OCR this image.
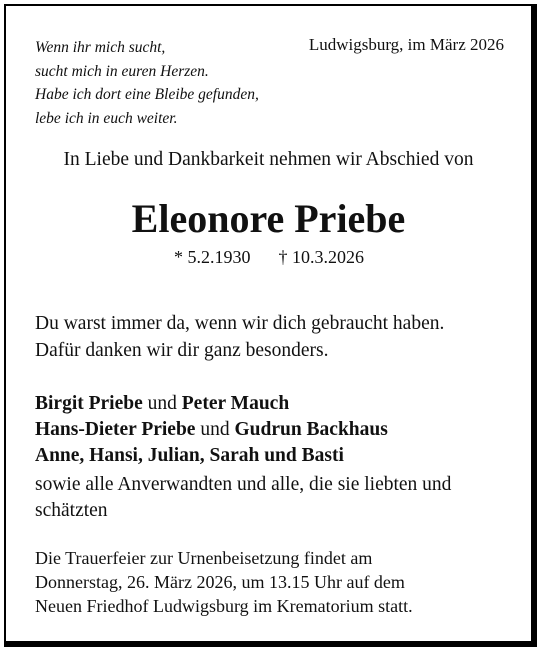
Wenn ihr mich sucht,
sucht mich in euren Herzen.
Habe ich dort eine Bleibe gefunden,
lebe ich in euch weiter.
Ludwigsburg, im März 2026
In Liebe und Dankbarkeit nehmen wir Abschied von
Eleonore Priebe
* 5.2.1930 † 10.3.2026
Du warst immer da, wenn wir dich gebraucht haben.
Dafür danken wir dir ganz besonders.
Birgit Priebe und Peter Mauch
Hans-Dieter Priebe und Gudrun Backhaus
Anne, Hansi, Julian, Sarah und Basti
sowie alle Anverwandten und alle, die sie liebten und schätzten
Die Trauerfeier zur Urnenbeisetzung findet am
Donnerstag, 26. März 2026, um 13.15 Uhr auf dem
Neuen Friedhof Ludwigsburg im Krematorium statt.
